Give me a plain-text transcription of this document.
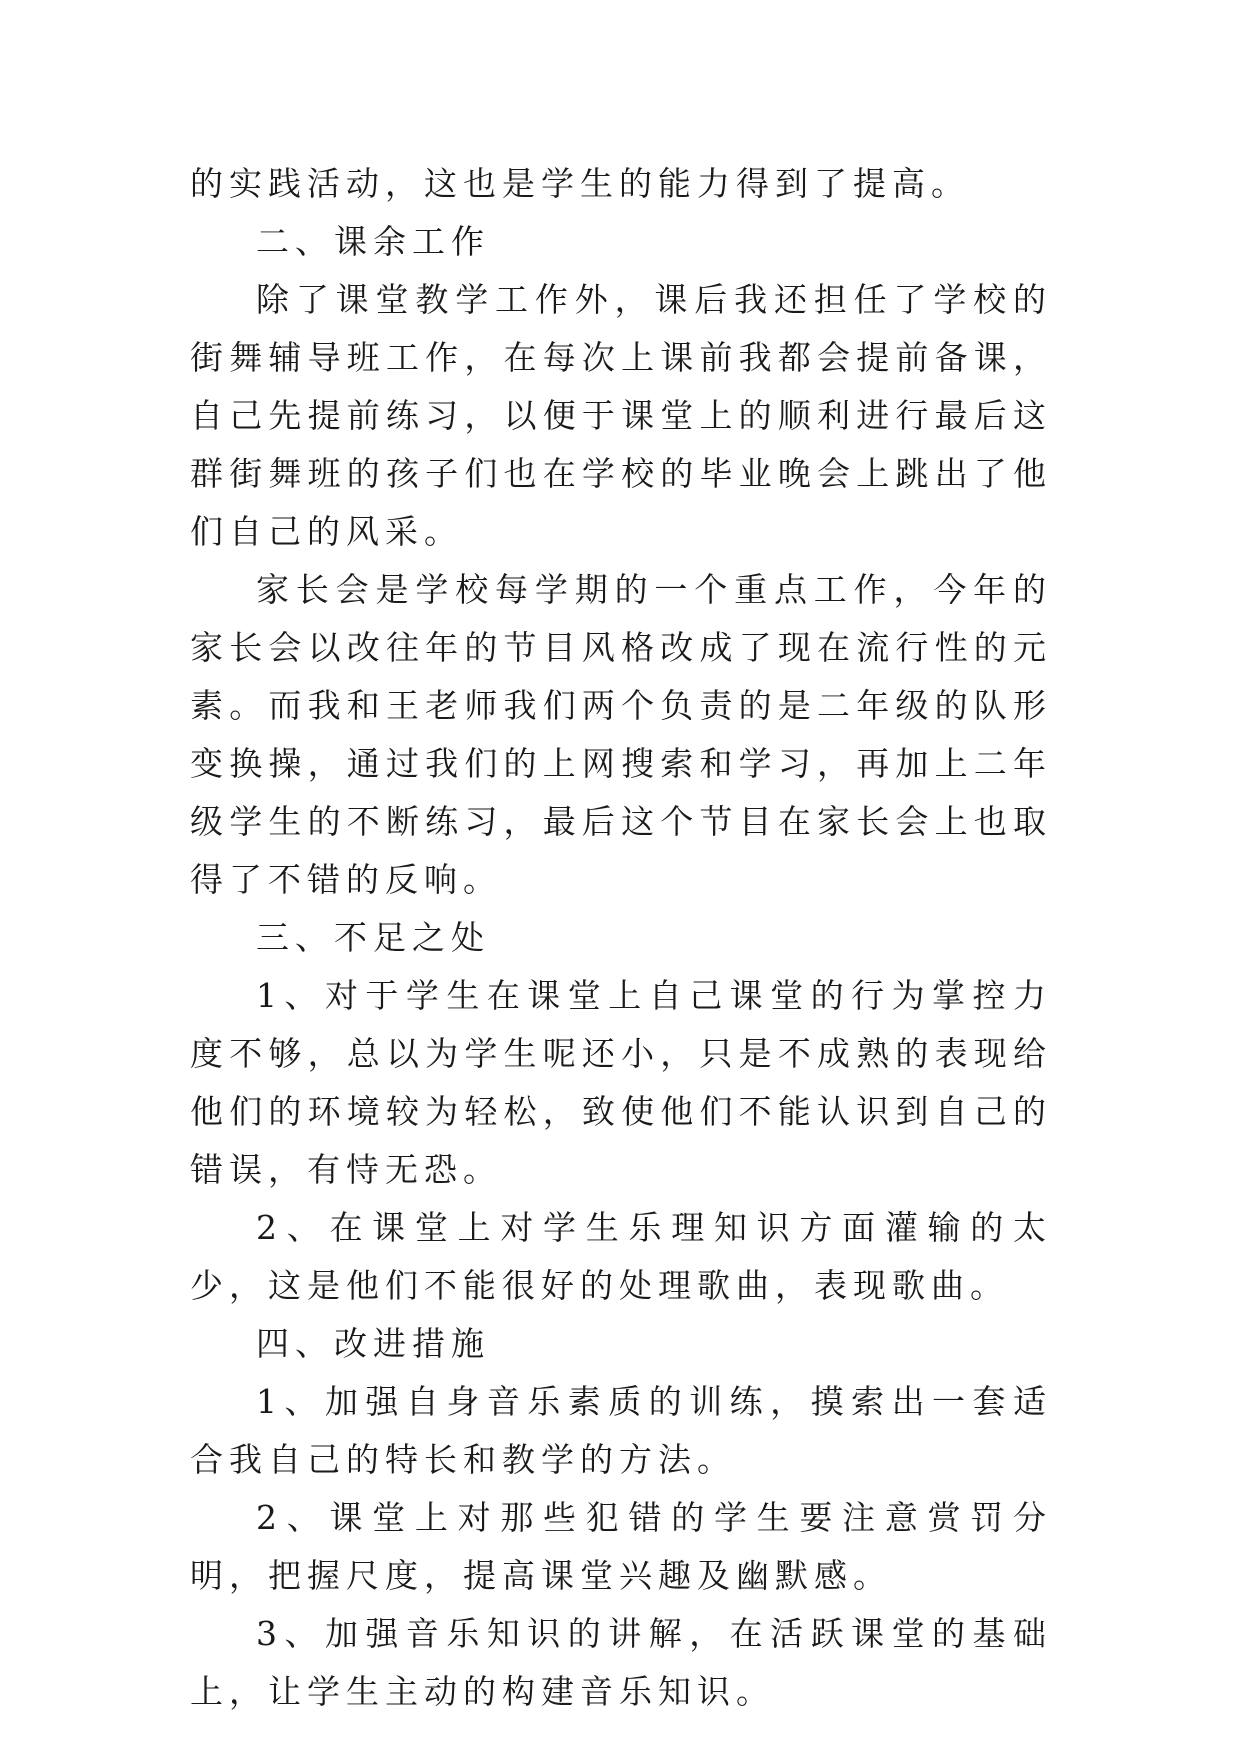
的实践活动，这也是学生的能力得到了提高。

二、课余工作

除了课堂教学工作外，课后我还担任了学校的街舞辅导班工作，在每次上课前我都会提前备课，自己先提前练习，以便于课堂上的顺利进行最后这群街舞班的孩子们也在学校的毕业晚会上跳出了他们自己的风采。

家长会是学校每学期的一个重点工作，今年的家长会以改往年的节目风格改成了现在流行性的元素。而我和王老师我们两个负责的是二年级的队形变换操，通过我们的上网搜索和学习，再加上二年级学生的不断练习，最后这个节目在家长会上也取得了不错的反响。

三、不足之处

1、对于学生在课堂上自己课堂的行为掌控力度不够，总以为学生呢还小，只是不成熟的表现给他们的环境较为轻松，致使他们不能认识到自己的错误，有恃无恐。

2、在课堂上对学生乐理知识方面灌输的太少，这是他们不能很好的处理歌曲，表现歌曲。

四、改进措施

1、加强自身音乐素质的训练，摸索出一套适合我自己的特长和教学的方法。

2、课堂上对那些犯错的学生要注意赏罚分明，把握尺度，提高课堂兴趣及幽默感。

3、加强音乐知识的讲解，在活跃课堂的基础上，让学生主动的构建音乐知识。
